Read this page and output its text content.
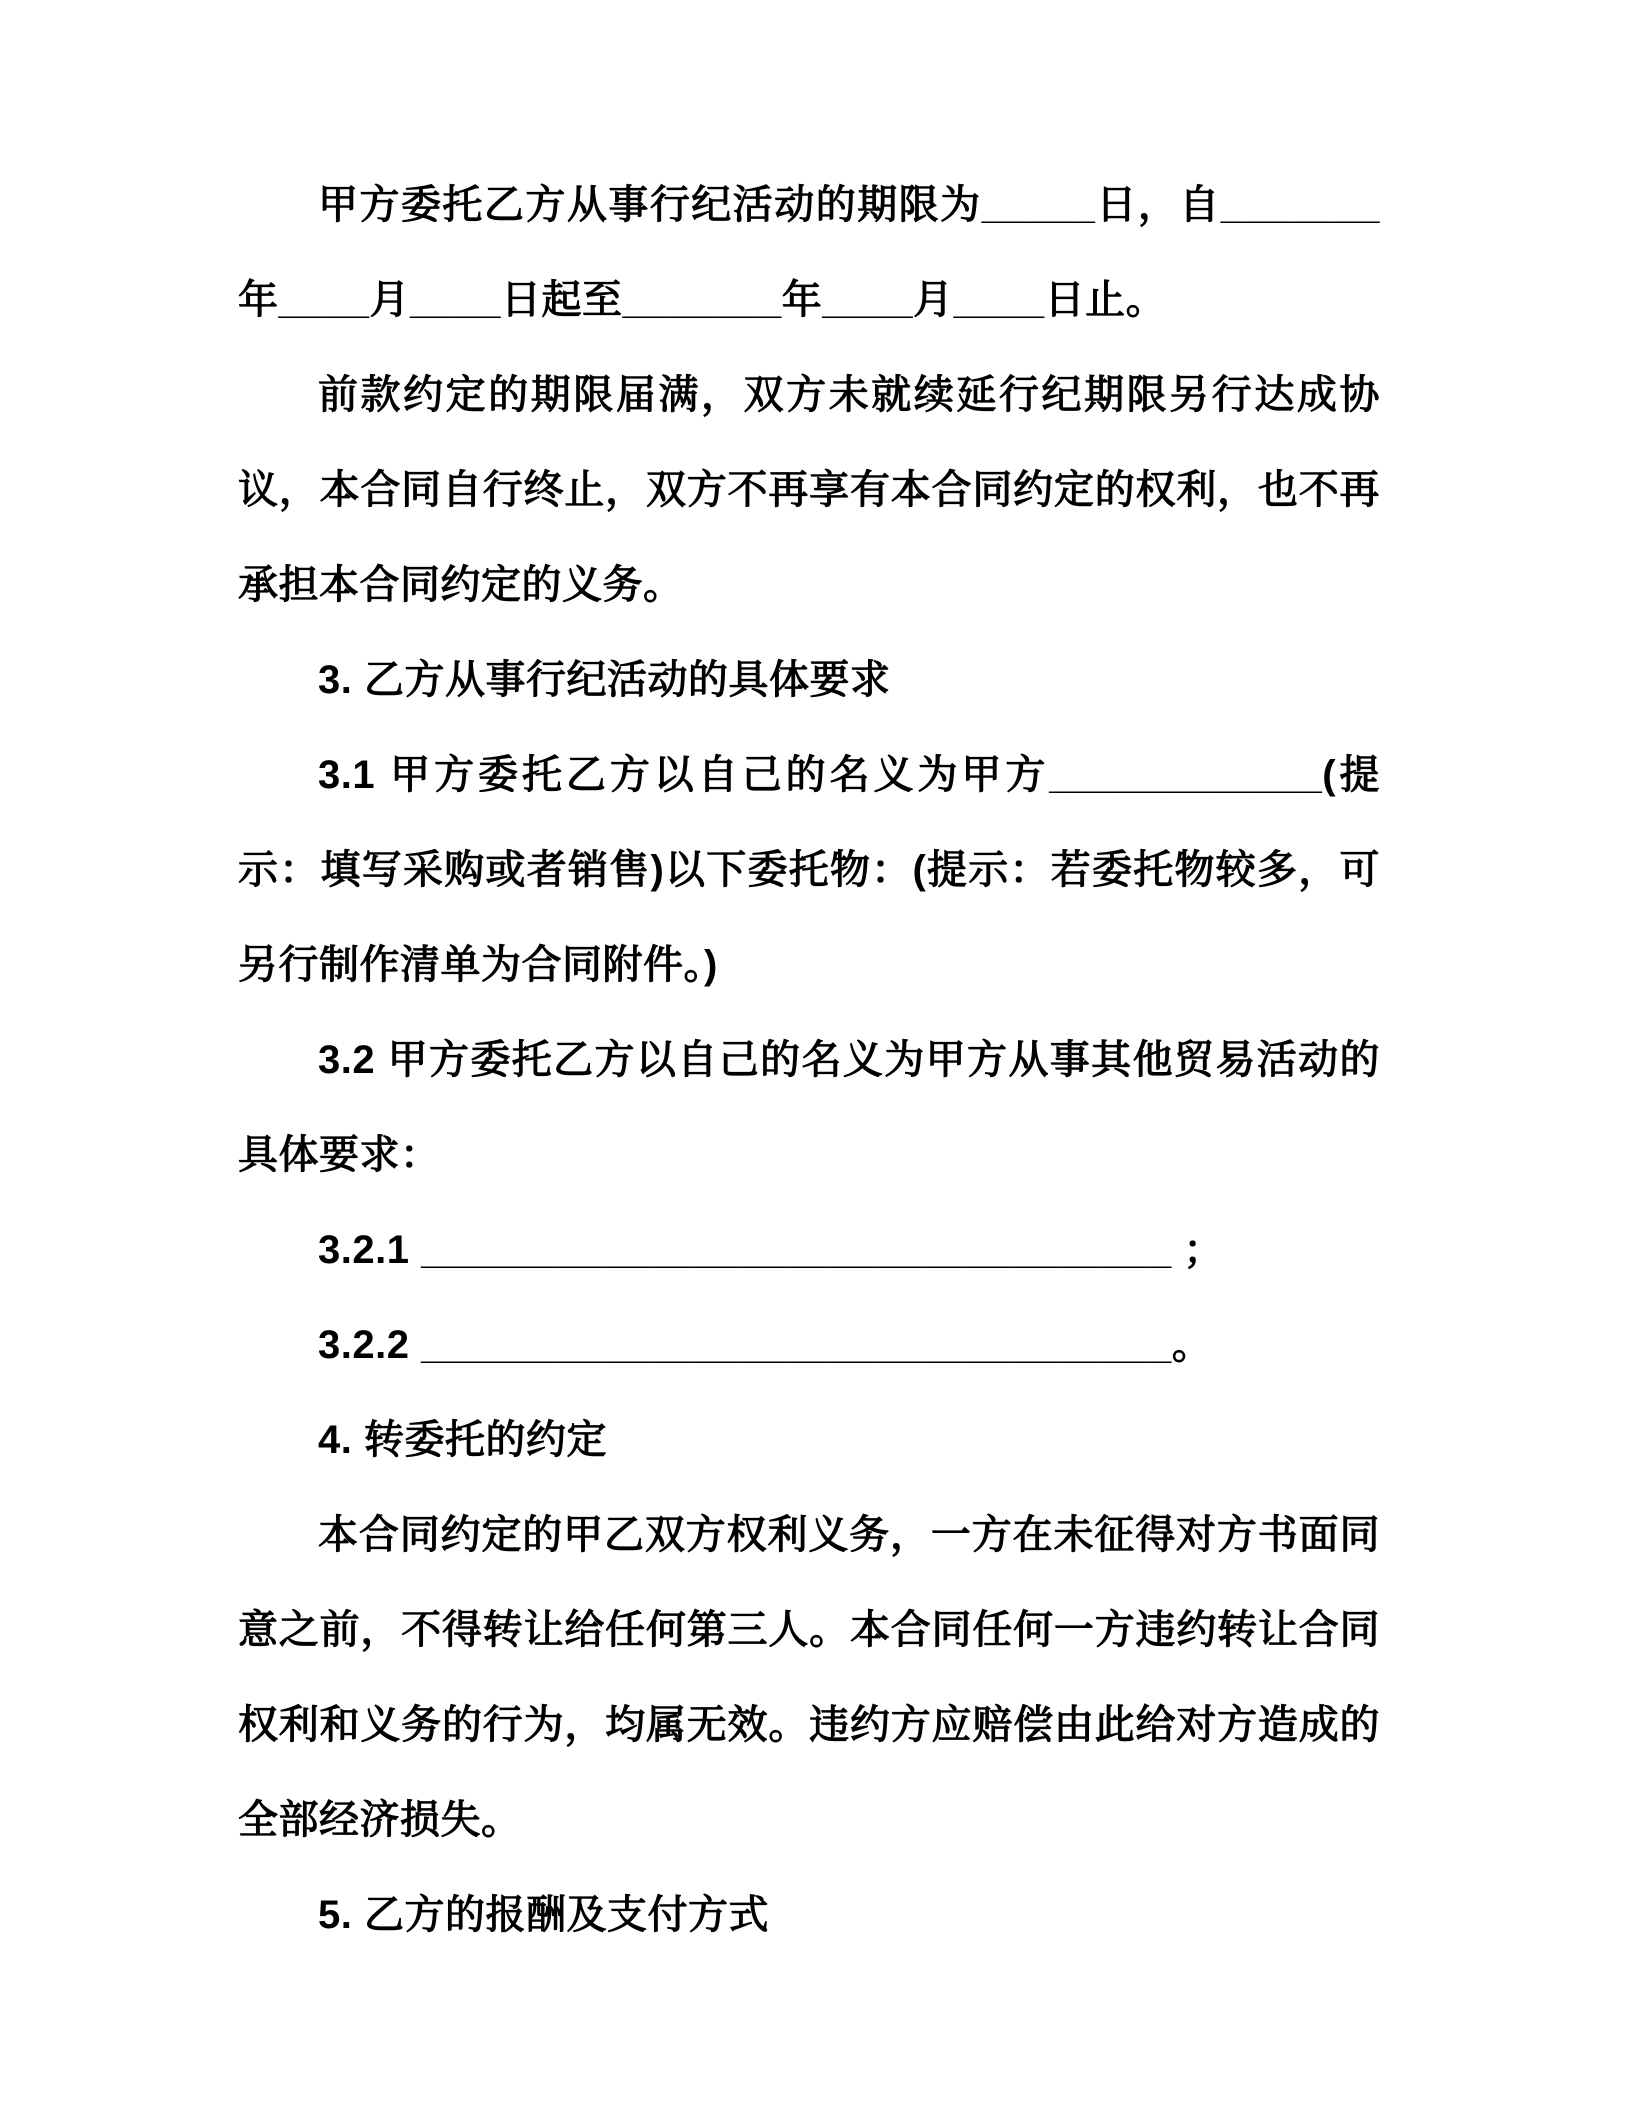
甲方委托乙方从事行纪活动的期限为_____日，自_______年____月____日起至_______年____月____日止。

前款约定的期限届满，双方未就续延行纪期限另行达成协议，本合同自行终止，双方不再享有本合同约定的权利，也不再承担本合同约定的义务。

3. 乙方从事行纪活动的具体要求

3.1 甲方委托乙方以自己的名义为甲方____________(提示：填写采购或者销售)以下委托物：(提示：若委托物较多，可另行制作清单为合同附件。)

3.2 甲方委托乙方以自己的名义为甲方从事其他贸易活动的具体要求：

3.2.1 _________________________________ ；

3.2.2 _________________________________。

4. 转委托的约定

本合同约定的甲乙双方权利义务，一方在未征得对方书面同意之前，不得转让给任何第三人。本合同任何一方违约转让合同权利和义务的行为，均属无效。违约方应赔偿由此给对方造成的全部经济损失。

5. 乙方的报酬及支付方式
